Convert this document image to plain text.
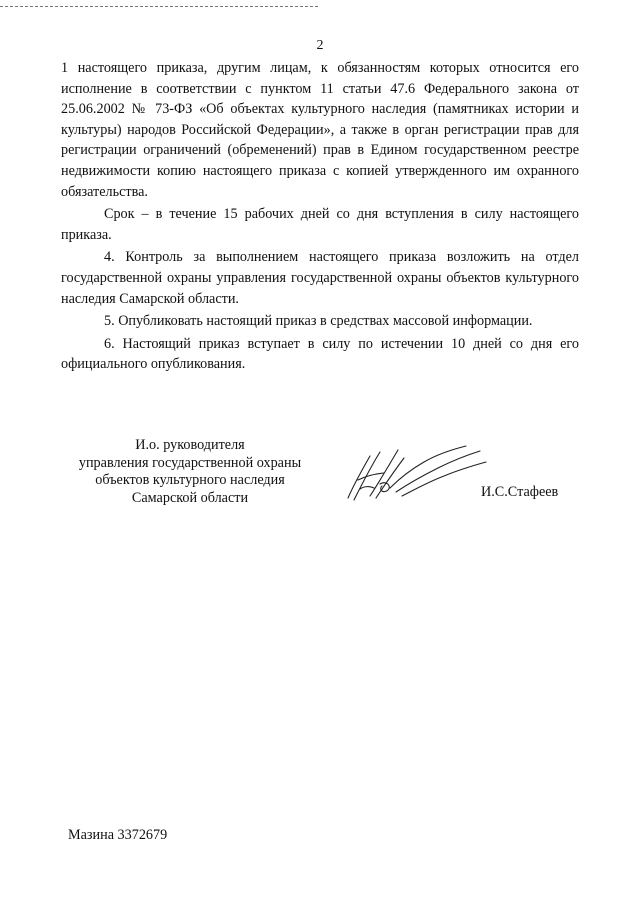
2

1 настоящего приказа, другим лицам, к обязанностям которых относится его исполнение в соответствии с пунктом 11 статьи 47.6 Федерального закона от 25.06.2002 № 73-ФЗ «Об объектах культурного наследия (памятниках истории и культуры) народов Российской Федерации», а также в орган регистрации прав для регистрации ограничений (обременений) прав в Едином государственном реестре недвижимости копию настоящего приказа с копией утвержденного им охранного обязательства.

Срок – в течение 15 рабочих дней со дня вступления в силу настоящего приказа.

4. Контроль за выполнением настоящего приказа возложить на отдел государственной охраны управления государственной охраны объектов культурного наследия Самарской области.

5. Опубликовать настоящий приказ в средствах массовой информации.

6. Настоящий приказ вступает в силу по истечении 10 дней со дня его официального опубликования.

И.о. руководителя
управления государственной охраны
объектов культурного наследия
Самарской области	И.С.Стафеев
Мазина 3372679
